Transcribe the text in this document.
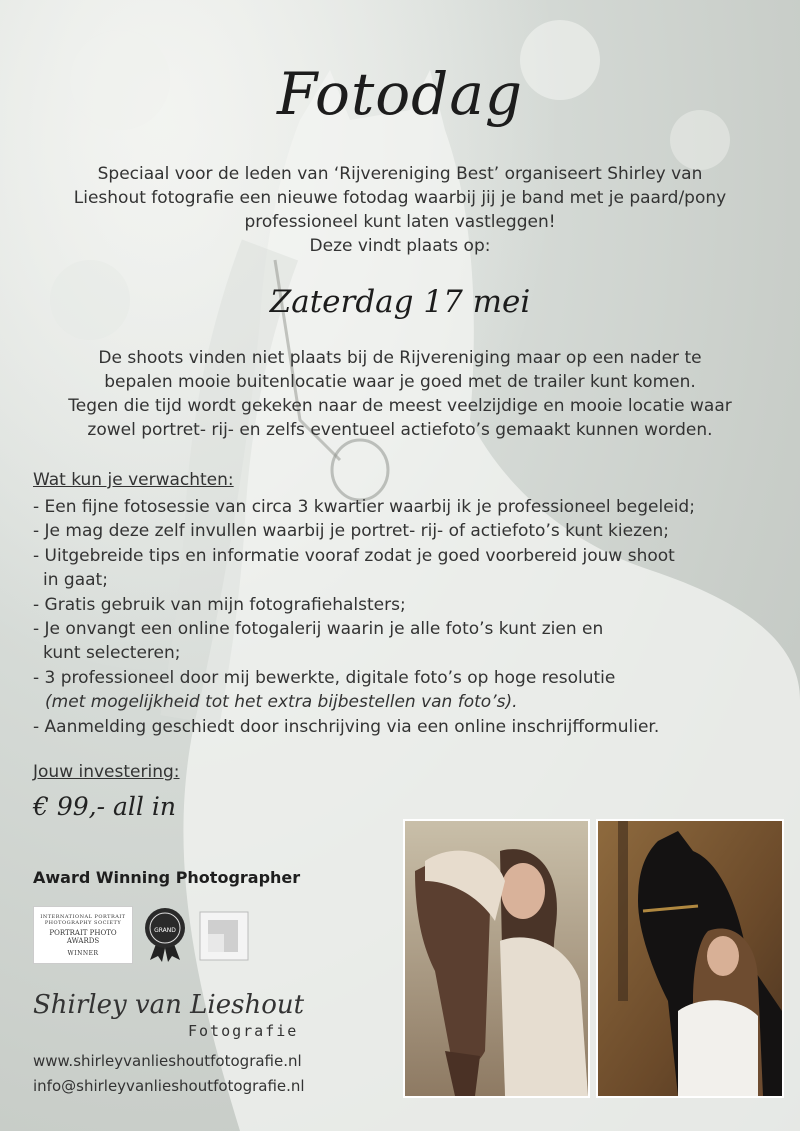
Fotodag
Speciaal voor de leden van ‘Rijvereniging Best’ organiseert Shirley van
Lieshout fotografie een nieuwe fotodag waarbij jij je band met je paard/pony
professioneel kunt laten vastleggen!
Deze vindt plaats op:
Zaterdag 17 mei
De shoots vinden niet plaats bij de Rijvereniging maar op een nader te
bepalen mooie buitenlocatie waar je goed met de trailer kunt komen.
Tegen die tijd wordt gekeken naar de meest veelzijdige en mooie locatie waar
zowel portret- rij- en zelfs eventueel actiefoto’s gemaakt kunnen worden.
Wat kun je verwachten:
- Een fijne fotosessie van circa 3 kwartier waarbij ik je professioneel begeleid;
- Je mag deze zelf invullen waarbij je portret- rij- of actiefoto’s kunt kiezen;
- Uitgebreide tips en informatie vooraf zodat je goed voorbereid jouw shoot
in gaat;
- Gratis gebruik van mijn fotografiehalsters;
- Je onvangt een online fotogalerij waarin je alle foto’s kunt zien en
kunt selecteren;
- 3 professioneel door mij bewerkte, digitale foto’s op hoge resolutie
(met mogelijkheid tot het extra bijbestellen van foto’s).
- Aanmelding geschiedt door inschrijving via een online inschrijfformulier.
Jouw investering:
€ 99,- all in
Award Winning Photographer
INTERNATIONAL PORTRAIT PHOTOGRAPHY SOCIETY
PORTRAIT PHOTO AWARDS
WINNER
GRAND
Shirley van Lieshout
Fotografie
www.shirleyvanlieshoutfotografie.nl
info@shirleyvanlieshoutfotografie.nl
